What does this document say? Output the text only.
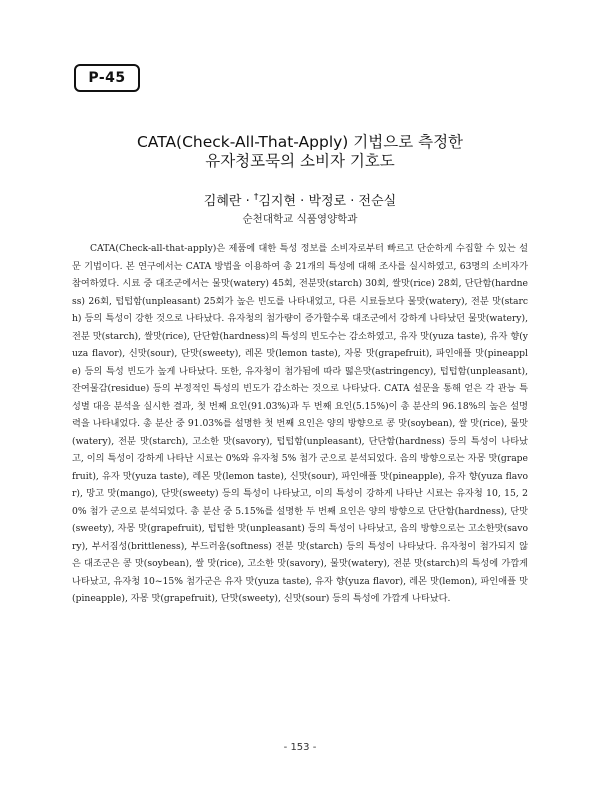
P-45
CATA(Check-All-That-Apply) 기법으로 측정한
유자청포묵의 소비자 기호도
김혜란 · †김지현 · 박정로 · 전순실
순천대학교 식품영양학과

CATA(Check-all-that-apply)은 제품에 대한 특성 정보를 소비자로부터 빠르고 단순하게 수집할 수 있는 설문 기법이다. 본 연구에서는 CATA 방법을 이용하여 총 21개의 특성에 대해 조사를 실시하였고, 63명의 소비자가 참여하였다. 시료 중 대조군에서는 물맛(watery) 45회, 전분맛(starch) 30회, 쌀맛(rice) 28회, 단단함(hardness) 26회, 텁텁함(unpleasant) 25회가 높은 빈도를 나타내었고, 다른 시료들보다 물맛(watery), 전분 맛(starch) 등의 특성이 강한 것으로 나타났다. 유자청의 첨가량이 증가할수록 대조군에서 강하게 나타났던 물맛(watery), 전분 맛(starch), 쌀맛(rice), 단단함(hardness)의 특성의 빈도수는 감소하였고, 유자 맛(yuza taste), 유자 향(yuza flavor), 신맛(sour), 단맛(sweety), 레몬 맛(lemon taste), 자몽 맛(grapefruit), 파인애플 맛(pineapple) 등의 특성 빈도가 높게 나타났다. 또한, 유자청이 첨가됨에 따라 떫은맛(astringency), 텁텁함(unpleasant), 잔여물감(residue) 등의 부정적인 특성의 빈도가 감소하는 것으로 나타났다. CATA 설문을 통해 얻은 각 관능 특성별 대응 분석을 실시한 결과, 첫 번째 요인(91.03%)과 두 번째 요인(5.15%)이 총 분산의 96.18%의 높은 설명력을 나타내었다. 총 분산 중 91.03%를 설명한 첫 번째 요인은 양의 방향으로 콩 맛(soybean), 쌀 맛(rice), 물맛(watery), 전분 맛(starch), 고소한 맛(savory), 텁텁함(unpleasant), 단단함(hardness) 등의 특성이 나타났고, 이의 특성이 강하게 나타난 시료는 0%와 유자청 5% 첨가 군으로 분석되었다. 음의 방향으로는 자몽 맛(grapefruit), 유자 맛(yuza taste), 레몬 맛(lemon taste), 신맛(sour), 파인애플 맛(pineapple), 유자 향(yuza flavor), 망고 맛(mango), 단맛(sweety) 등의 특성이 나타났고, 이의 특성이 강하게 나타난 시료는 유자청 10, 15, 20% 첨가 군으로 분석되었다. 총 분산 중 5.15%를 설명한 두 번째 요인은 양의 방향으로 단단함(hardness), 단맛(sweety), 자몽 맛(grapefruit), 텁텁한 맛(unpleasant) 등의 특성이 나타났고, 음의 방향으로는 고소한맛(savory), 부서짐성(brittleness), 부드러움(softness) 전분 맛(starch) 등의 특성이 나타났다. 유자청이 첨가되지 않은 대조군은 콩 맛(soybean), 쌀 맛(rice), 고소한 맛(savory), 물맛(watery), 전분 맛(starch)의 특성에 가깝게 나타났고, 유자청 10~15% 첨가군은 유자 맛(yuza taste), 유자 향(yuza flavor), 레몬 맛(lemon), 파인애플 맛(pineapple), 자몽 맛(grapefruit), 단맛(sweety), 신맛(sour) 등의 특성에 가깝게 나타났다.

- 153 -
